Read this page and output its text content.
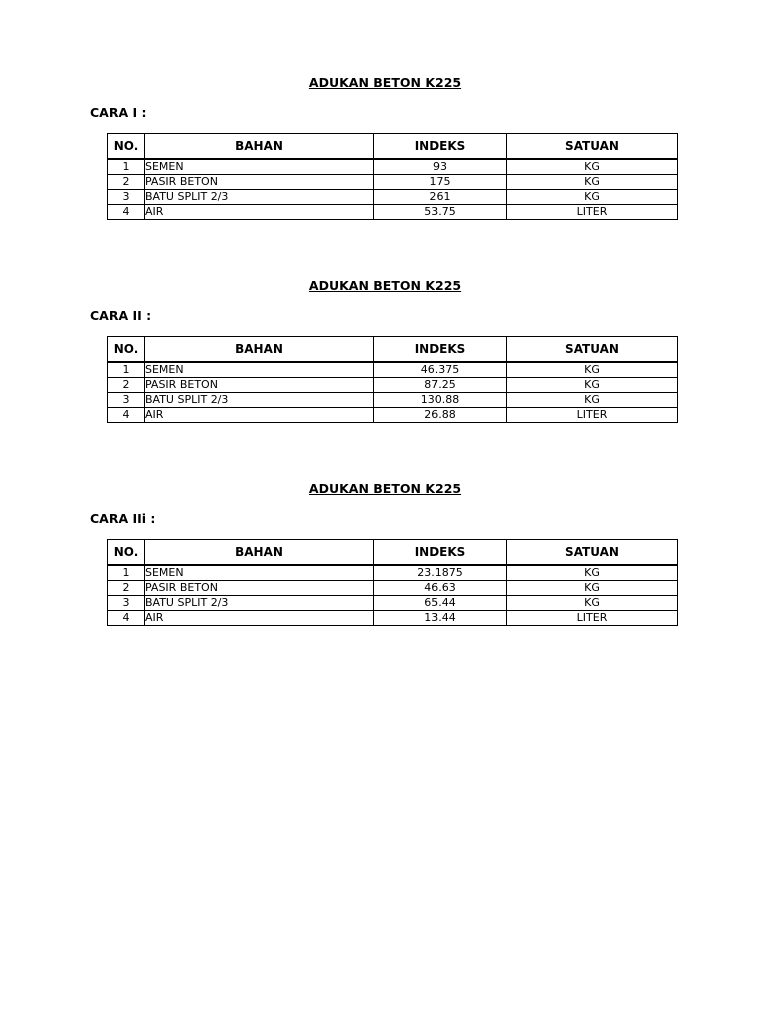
ADUKAN BETON K225
CARA I :
NO.	BAHAN	INDEKS	SATUAN
1	SEMEN	93	KG
2	PASIR BETON	175	KG
3	BATU SPLIT 2/3	261	KG
4	AIR	53.75	LITER
ADUKAN BETON K225
CARA II :
NO.	BAHAN	INDEKS	SATUAN
1	SEMEN	46.375	KG
2	PASIR BETON	87.25	KG
3	BATU SPLIT 2/3	130.88	KG
4	AIR	26.88	LITER
ADUKAN BETON K225
CARA IIi :
NO.	BAHAN	INDEKS	SATUAN
1	SEMEN	23.1875	KG
2	PASIR BETON	46.63	KG
3	BATU SPLIT 2/3	65.44	KG
4	AIR	13.44	LITER
